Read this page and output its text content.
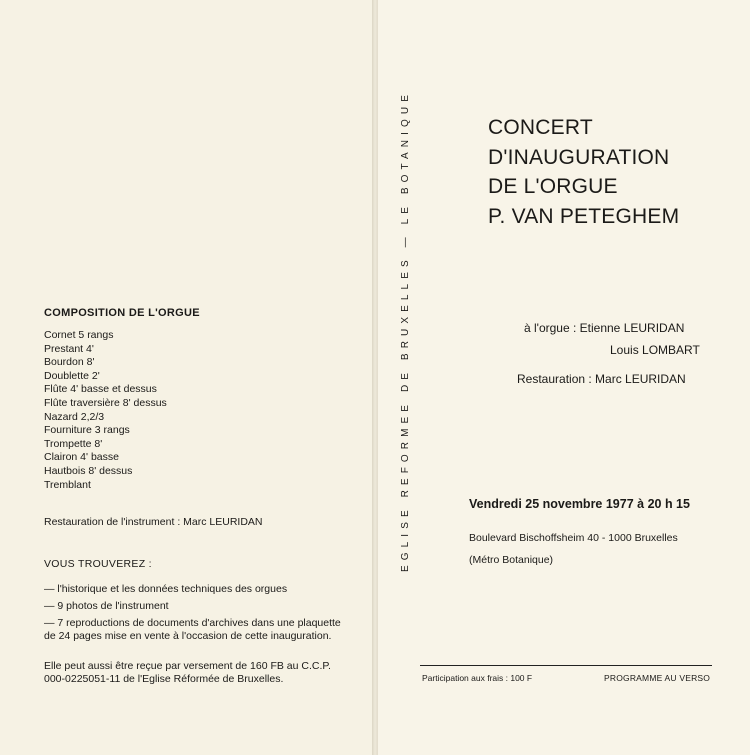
COMPOSITION DE L'ORGUE
Cornet 5 rangs
Prestant 4'
Bourdon 8'
Doublette 2'
Flûte 4' basse et dessus
Flûte traversière 8' dessus
Nazard 2,2/3
Fourniture 3 rangs
Trompette 8'
Clairon 4' basse
Hautbois 8' dessus
Tremblant
Restauration de l'instrument : Marc LEURIDAN
VOUS TROUVEREZ :
— l'historique et les données techniques des orgues
— 9 photos de l'instrument
— 7 reproductions de documents d'archives dans une plaquette de 24 pages mise en vente à l'occasion de cette inauguration.
Elle peut aussi être reçue par versement de 160 FB au C.C.P. 000-0225051-11 de l'Eglise Réformée de Bruxelles.
EGLISE REFORMEE DE BRUXELLES — LE BOTANIQUE	CONCERT
D'INAUGURATION
DE L'ORGUE
P. VAN PETEGHEM
à l'orgue : Etienne LEURIDAN
Louis LOMBART
Restauration : Marc LEURIDAN
Vendredi 25 novembre 1977 à 20 h 15
Boulevard Bischoffsheim 40 - 1000 Bruxelles
(Métro Botanique)
Participation aux frais : 100 F	PROGRAMME AU VERSO
